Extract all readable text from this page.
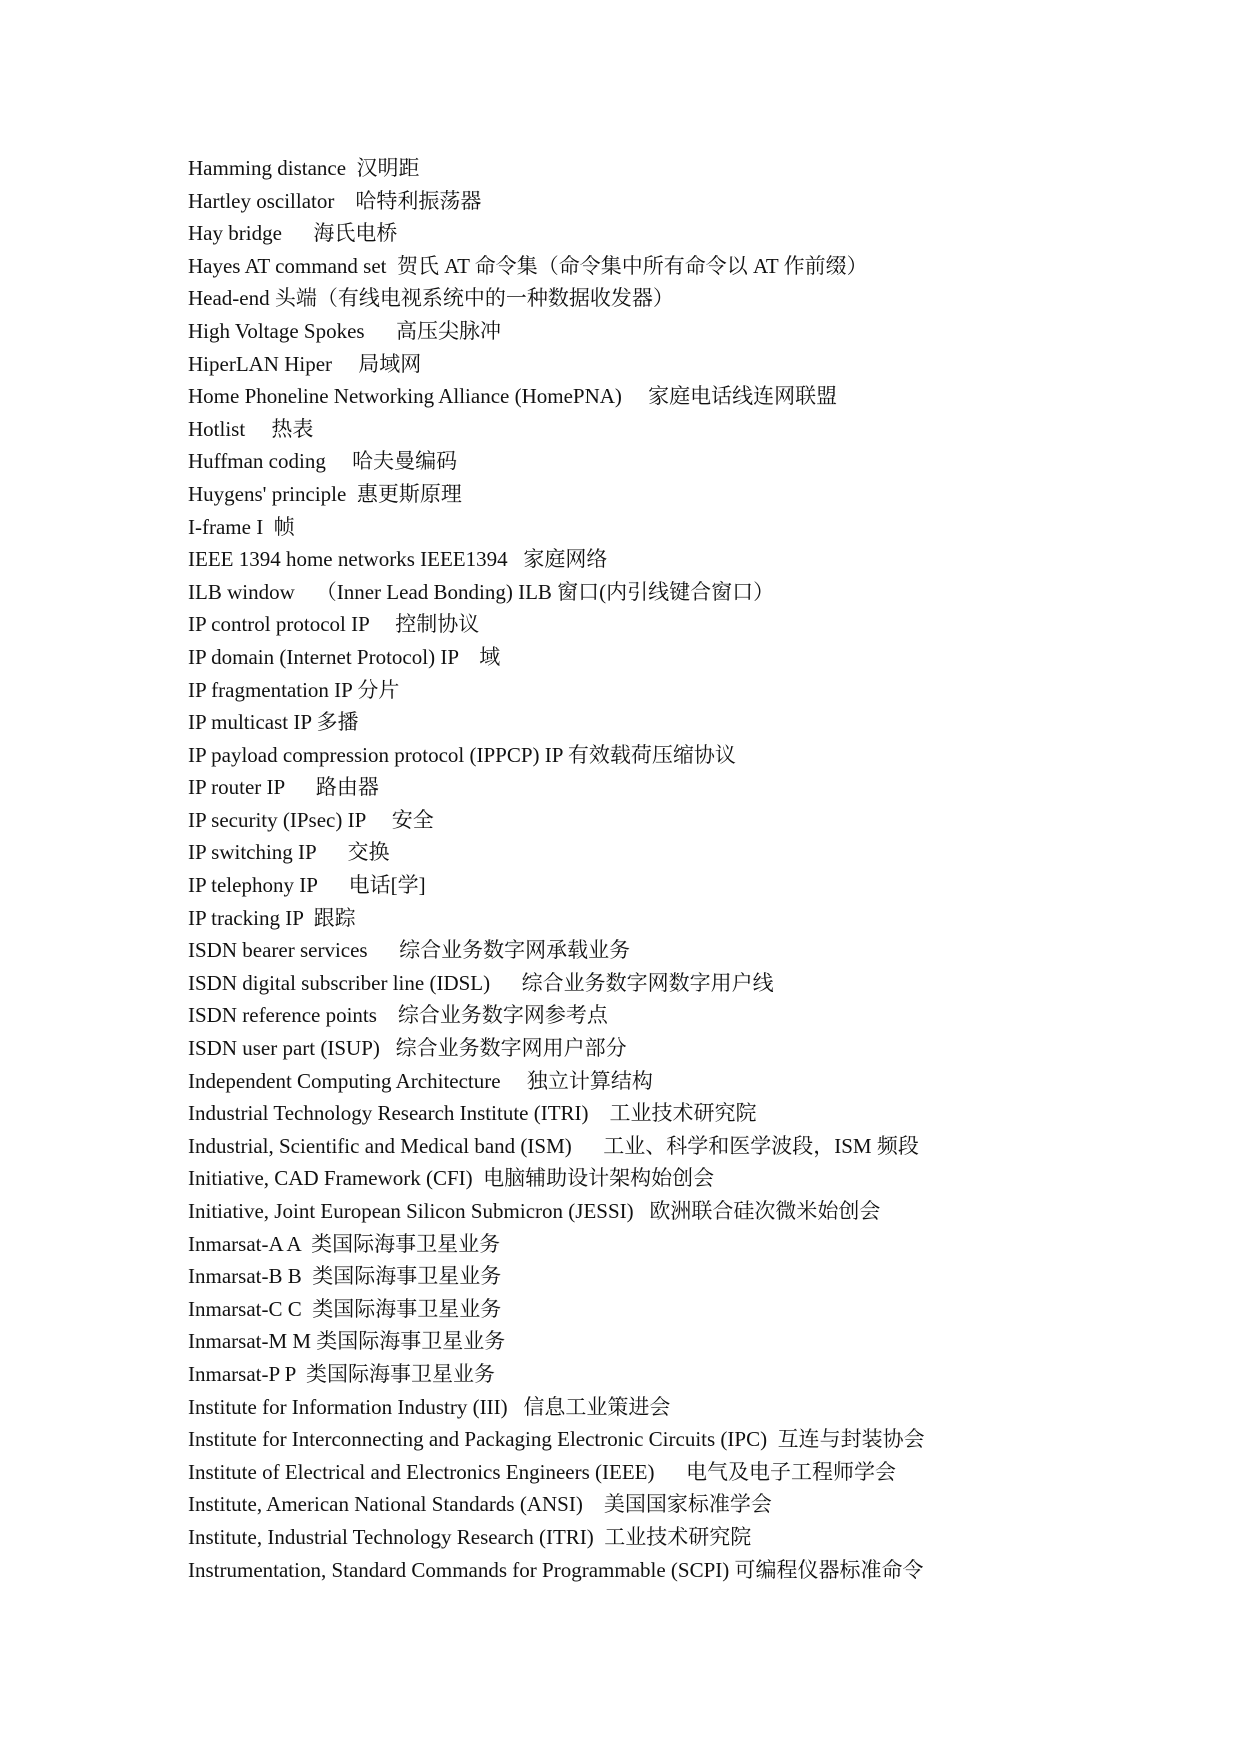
Hamming distance  汉明距
Hartley oscillator    哈特利振荡器
Hay bridge      海氏电桥
Hayes AT command set  贺氏 AT 命令集（命令集中所有命令以 AT 作前缀）
Head-end 头端（有线电视系统中的一种数据收发器）
High Voltage Spokes      高压尖脉冲
HiperLAN Hiper     局域网
Home Phoneline Networking Alliance (HomePNA)     家庭电话线连网联盟
Hotlist     热表
Huffman coding     哈夫曼编码
Huygens' principle  惠更斯原理
I-frame I  帧
IEEE 1394 home networks IEEE1394   家庭网络
ILB window    （Inner Lead Bonding) ILB 窗口(内引线键合窗口）
IP control protocol IP     控制协议
IP domain (Internet Protocol) IP    域
IP fragmentation IP 分片
IP multicast IP 多播
IP payload compression protocol (IPPCP) IP 有效载荷压缩协议
IP router IP      路由器
IP security (IPsec) IP     安全
IP switching IP      交换
IP telephony IP      电话[学]
IP tracking IP  跟踪
ISDN bearer services      综合业务数字网承载业务
ISDN digital subscriber line (IDSL)      综合业务数字网数字用户线
ISDN reference points    综合业务数字网参考点
ISDN user part (ISUP)   综合业务数字网用户部分
Independent Computing Architecture     独立计算结构
Industrial Technology Research Institute (ITRI)    工业技术研究院
Industrial, Scientific and Medical band (ISM)      工业、科学和医学波段，ISM 频段
Initiative, CAD Framework (CFI)  电脑辅助设计架构始创会
Initiative, Joint European Silicon Submicron (JESSI)   欧洲联合硅次微米始创会
Inmarsat-A A  类国际海事卫星业务
Inmarsat-B B  类国际海事卫星业务
Inmarsat-C C  类国际海事卫星业务
Inmarsat-M M 类国际海事卫星业务
Inmarsat-P P  类国际海事卫星业务
Institute for Information Industry (III)   信息工业策进会
Institute for Interconnecting and Packaging Electronic Circuits (IPC)  互连与封装协会
Institute of Electrical and Electronics Engineers (IEEE)      电气及电子工程师学会
Institute, American National Standards (ANSI)    美国国家标准学会
Institute, Industrial Technology Research (ITRI)  工业技术研究院
Instrumentation, Standard Commands for Programmable (SCPI) 可编程仪器标准命令
